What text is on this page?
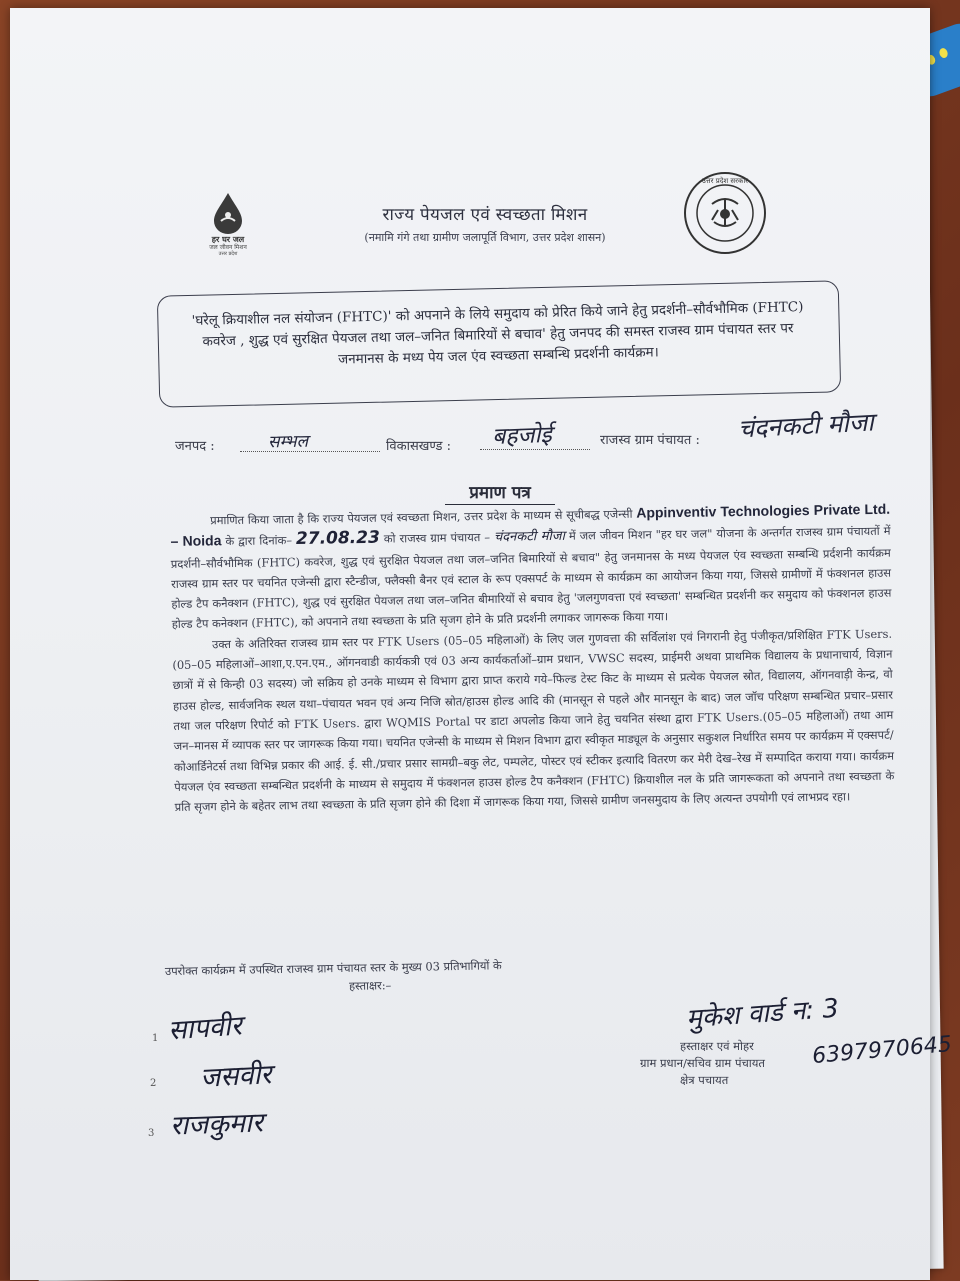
हर घर जल
जल जीवन मिशन
उत्तर प्रदेश
उत्तर प्रदेश सरकार
राज्य पेयजल एवं स्वच्छता मिशन
(नमामि गंगे तथा ग्रामीण जलापूर्ति विभाग, उत्तर प्रदेश शासन)
'घरेलू क्रियाशील नल संयोजन (FHTC)' को अपनाने के लिये समुदाय को प्रेरित किये जाने हेतु प्रदर्शनी–सौर्वभौमिक (FHTC) कवरेज , शुद्ध एवं सुरक्षित पेयजल तथा जल–जनित बिमारियों से बचाव' हेतु जनपद की समस्त राजस्व ग्राम पंचायत स्तर पर जनमानस के मध्य पेय जल एंव स्वच्छता सम्बन्धि प्रदर्शनी कार्यक्रम।
जनपद :	सम्भल	विकासखण्ड : बहजोई	राजस्व ग्राम पंचायत : चंदनकटी मौजा
प्रमाण पत्र

प्रमाणित किया जाता है कि राज्य पेयजल एवं स्वच्छता मिशन, उत्तर प्रदेश के माध्यम से सूचीबद्ध एजेन्सी Appinventiv Technologies Private Ltd. – Noida के द्वारा दिनांक– 27.08.23 को राजस्व ग्राम पंचायत – चंदनकटी मौजा में जल जीवन मिशन "हर घर जल" योजना के अन्तर्गत राजस्व ग्राम पंचायतों में प्रदर्शनी–सौर्वभौमिक (FHTC) कवरेज, शुद्ध एवं सुरक्षित पेयजल तथा जल–जनित बिमारियों से बचाव" हेतु जनमानस के मध्य पेयजल एंव स्वच्छता सम्बन्धि प्रर्दशनी कार्यक्रम राजस्व ग्राम स्तर पर चयनित एजेन्सी द्वारा स्टैन्डीज, फ्लैक्सी बैनर एवं स्टाल के रूप एक्सपर्ट के माध्यम से कार्यक्रम का आयोजन किया गया, जिससे ग्रामीणों में फंक्शनल हाउस होल्ड टैप कनैक्शन (FHTC), शुद्ध एवं सुरक्षित पेयजल तथा जल–जनित बीमारियों से बचाव हेतु 'जलगुणवत्ता एवं स्वच्छता' सम्बन्धित प्रदर्शनी कर समुदाय को फंक्शनल हाउस होल्ड टैप कनेक्शन (FHTC), को अपनाने तथा स्वच्छता के प्रति सृजग होने के प्रति प्रदर्शनी लगाकर जागरूक किया गया।

उक्त के अतिरिक्त राजस्व ग्राम स्तर पर FTK Users (05–05 महिलाओं) के लिए जल गुणवत्ता की सर्विलांश एवं निगरानी हेतु पंजीकृत/प्रशिक्षित FTK Users.(05–05 महिलाओं–आशा,ए.एन.एम., ऑगनवाडी कार्यकत्री एवं 03 अन्य कार्यकर्ताओं–ग्राम प्रधान, VWSC सदस्य, प्राईमरी अथवा प्राथमिक विद्यालय के प्रधानाचार्य, विज्ञान छात्रों में से किन्ही 03 सदस्य) जो सक्रिय हो उनके माध्यम से विभाग द्वारा प्राप्त कराये गये–फिल्ड टेस्ट किट के माध्यम से प्रत्येक पेयजल स्रोत, विद्यालय, ऑगनवाड़ी केन्द्र, वो हाउस होल्ड, सार्वजनिक स्थल यथा–पंचायत भवन एवं अन्य निजि स्रोत/हाउस होल्ड आदि की (मानसून से पहले और मानसून के बाद) जल जॉच परिक्षण सम्बन्धित प्रचार–प्रसार तथा जल परिक्षण रिपोर्ट को FTK Users. द्वारा WQMIS Portal पर डाटा अपलोड किया जाने हेतु चयनित संस्था द्वारा FTK Users.(05–05 महिलाओं) तथा आम जन–मानस में व्यापक स्तर पर जागरूक किया गया। चयनित एजेन्सी के माध्यम से मिशन विभाग द्वारा स्वीकृत माड्यूल के अनुसार सकुशल निर्धारित समय पर कार्यक्रम में एक्सपर्ट/कोआर्डिनेटर्स तथा विभिन्न प्रकार की आई. ई. सी./प्रचार प्रसार सामग्री–बकु लेट, पम्पलेट, पोस्टर एवं स्टीकर इत्यादि वितरण कर मेरी देख–रेख में सम्पादित कराया गया। कार्यक्रम पेयजल एंव स्वच्छता सम्बन्धित प्रदर्शनी के माध्यम से समुदाय में फंक्शनल हाउस होल्ड टैप कनैक्शन (FHTC) क्रियाशील नल के प्रति जागरूकता को अपनाने तथा स्वच्छता के प्रति सृजग होने के बहेतर लाभ तथा स्वच्छता के प्रति सृजग होने की दिशा में जागरूक किया गया, जिससे ग्रामीण जनसमुदाय के लिए अत्यन्त उपयोगी एवं लाभप्रद रहा।

उपरोक्त कार्यक्रम में उपस्थित राजस्व ग्राम पंचायत स्तर के मुख्य 03 प्रतिभागियों के
हस्ताक्षर:–
1 सापवीर
2 जसवीर
3 राजकुमार
मुकेश वार्ड न: 3
6397970645
हस्ताक्षर एवं मोहर
ग्राम प्रधान/सचिव ग्राम पंचायत
क्षेत्र पचायत
